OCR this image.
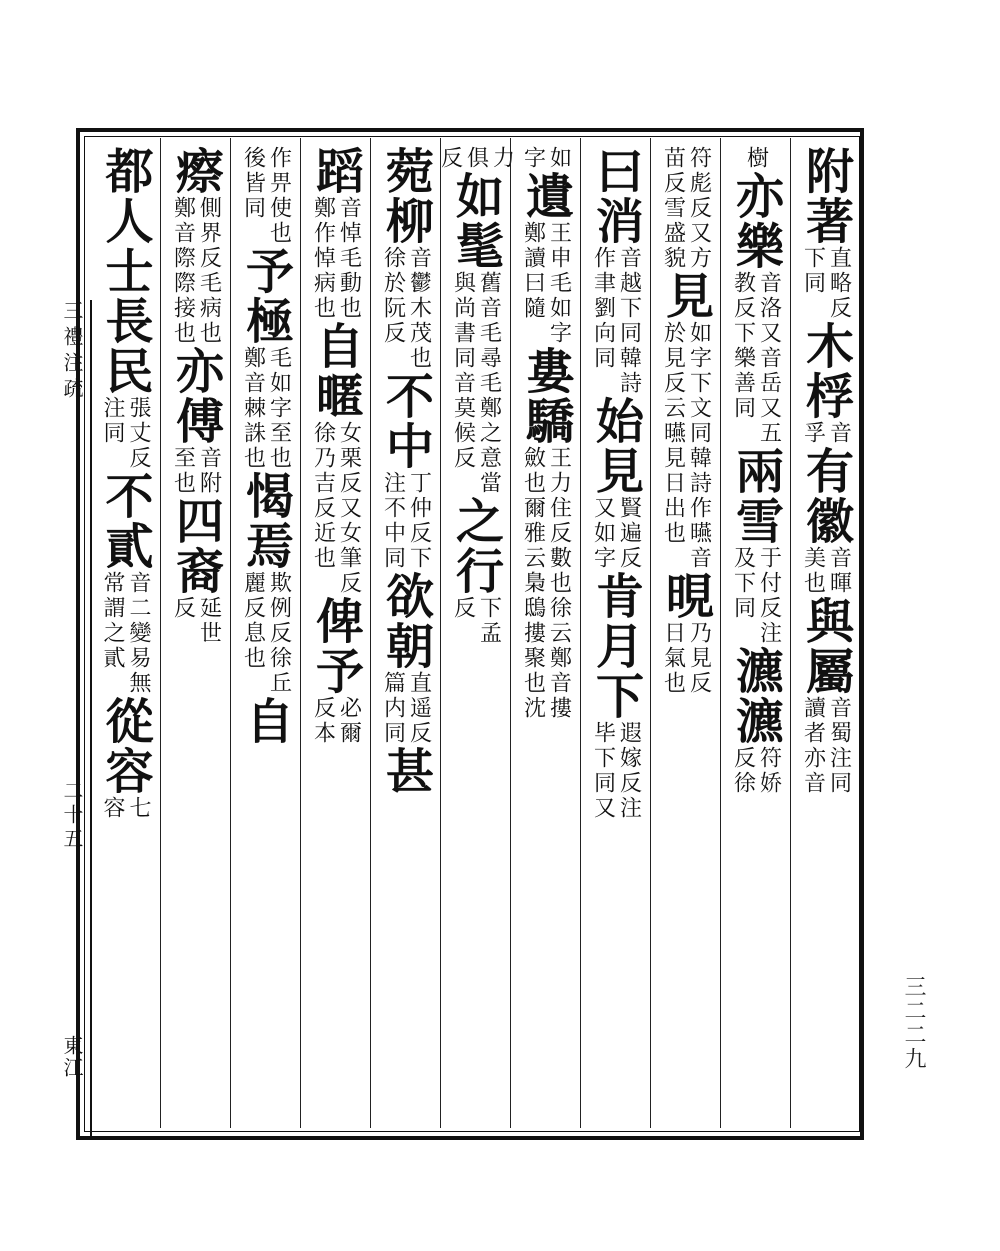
三禮注疏
二十五
東江	三二二九
附著
直略反
下同
木桴
音
孚
有徽
音暉
美也
與屬
音蜀注同
讀者亦音
樹
亦樂
音洛又音岳又五
教反下樂善同
兩雪
于付反注
及下同
瀌瀌
符娇
反徐
符彪反又方
苗反雪盛貌
見
如字下文同韓詩作曣音
於見反云曣見日出也
晛
乃見反
日氣也
曰消
音越下同韓詩
作聿劉向同
始見
賢遍反
又如字
肯月下
遐嫁反注
毕下同又
如
字
遺
王申毛如字
鄭讀曰隨
婁驕
王力住反數也徐云鄭音摟
斂也爾雅云梟鴟摟聚也沈
力
俱
反
如髦
舊音毛尋毛鄭之意當
與尚書同音莫候反
之行
下孟
反
菀柳
音鬱木茂也
徐於阮反
不中
丁仲反下
注不中同
欲朝
直遥反
篇内同
甚
蹈
音悼毛動也
鄭作悼病也
自暱
女栗反又女筆反
徐乃吉反近也
俾予
必爾
反本
作畀使也
後皆同
予極
毛如字至也
鄭音棘誅也
愒焉
欺例反徐丘
麗反息也
自
瘵
側界反毛病也
鄭音際際接也
亦傅
音附
至也
四裔
延世
反
都人士長民
張丈反
注同
不貳
音二變易無
常謂之貳
從容
七
容
